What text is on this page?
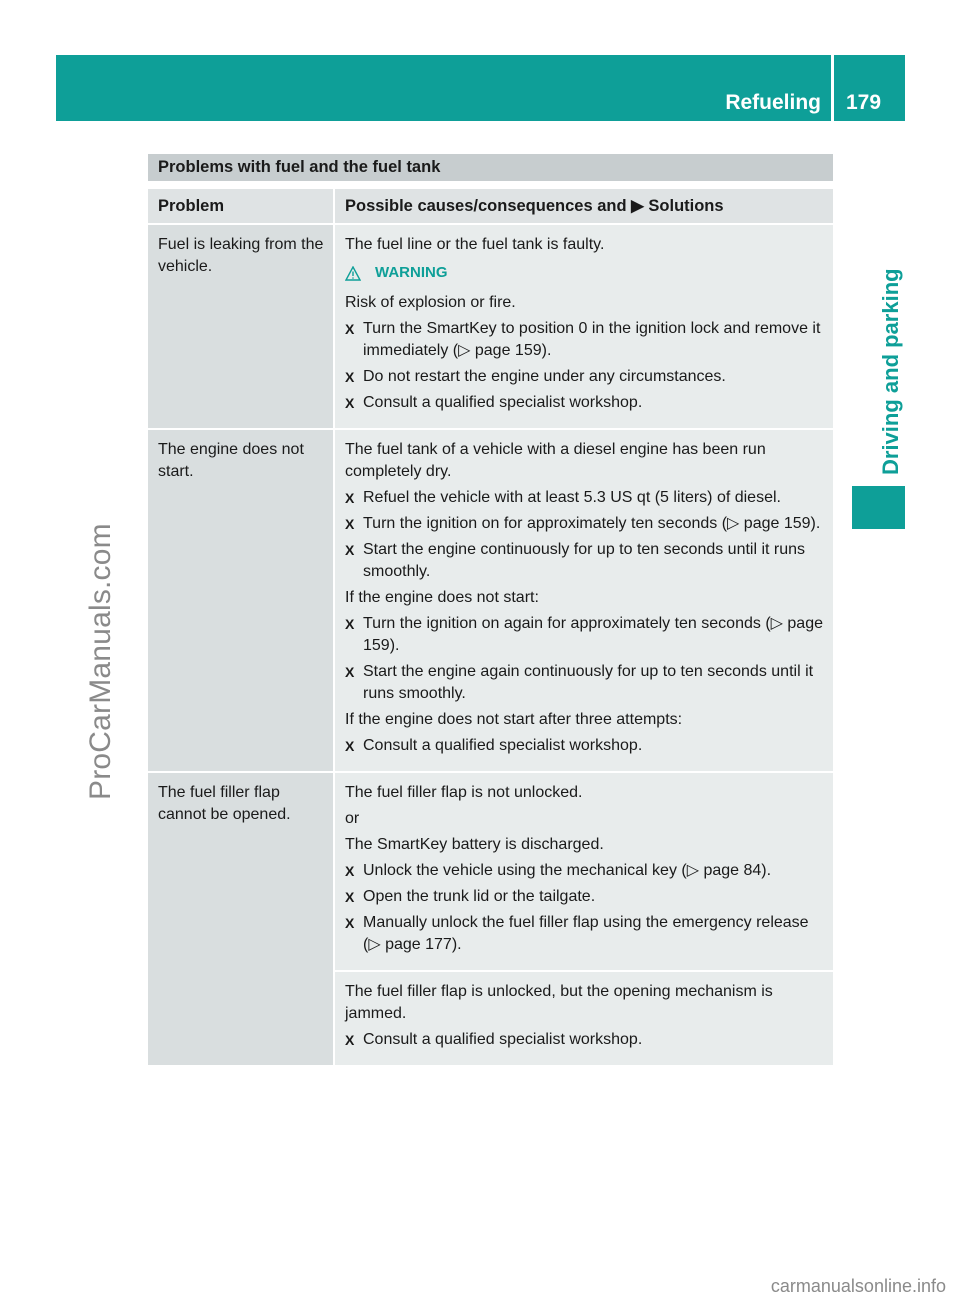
Refueling 179
Driving and parking
ProCarManuals.com
carmanualsonline.info
Problems with fuel and the fuel tank
Problem	Possible causes/consequences and ▶ Solutions
Fuel is leaking from the vehicle.

The fuel line or the fuel tank is faulty.

WARNING

Risk of explosion or fire.

X Turn the SmartKey to position 0 in the ignition lock and remove it immediately (▷ page 159).
X Do not restart the engine under any circumstances.
X Consult a qualified specialist workshop.
The engine does not start.

The fuel tank of a vehicle with a diesel engine has been run completely dry.

X Refuel the vehicle with at least 5.3 US qt (5 liters) of diesel.
X Turn the ignition on for approximately ten seconds (▷ page 159).
X Start the engine continuously for up to ten seconds until it runs smoothly.

If the engine does not start:

X Turn the ignition on again for approximately ten seconds (▷ page 159).
X Start the engine again continuously for up to ten seconds until it runs smoothly.

If the engine does not start after three attempts:

X Consult a qualified specialist workshop.
The fuel filler flap cannot be opened.

The fuel filler flap is not unlocked.

or

The SmartKey battery is discharged.

X Unlock the vehicle using the mechanical key (▷ page 84).
X Open the trunk lid or the tailgate.
X Manually unlock the fuel filler flap using the emergency release (▷ page 177).

The fuel filler flap is unlocked, but the opening mechanism is jammed.

X Consult a qualified specialist workshop.
